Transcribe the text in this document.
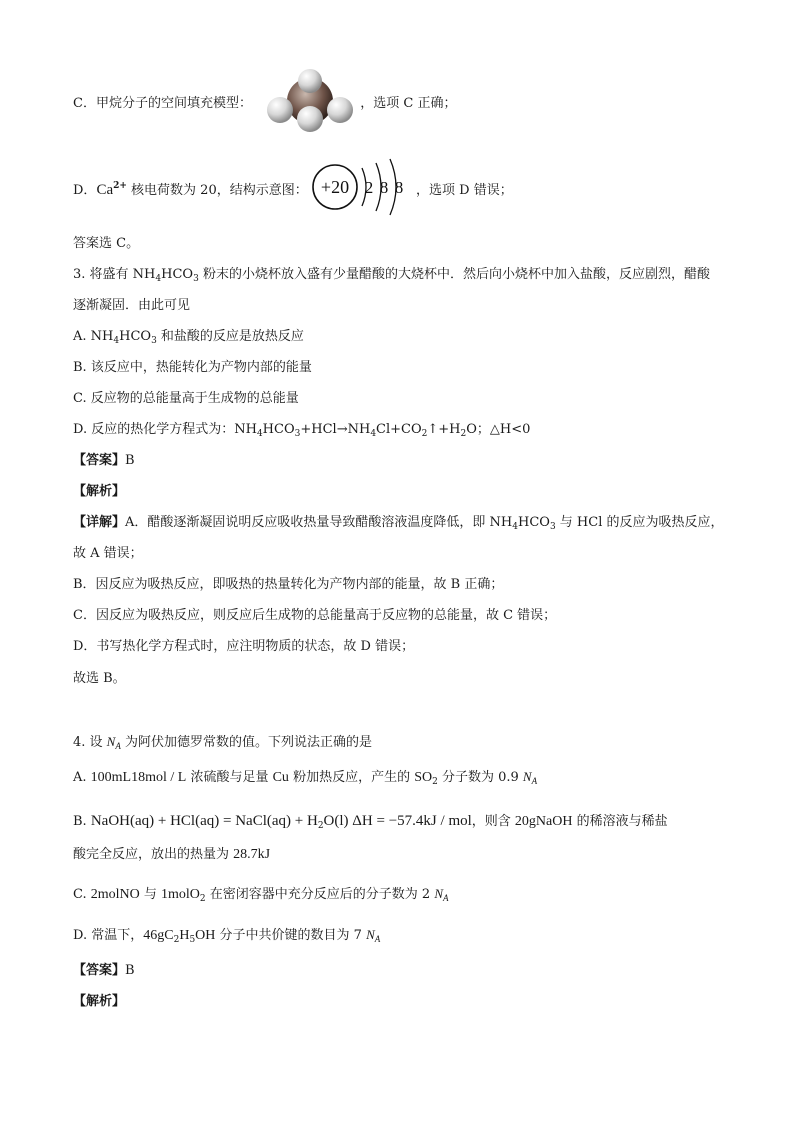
C．甲烷分子的空间填充模型：	，选项 C 正确；
D．$Ca^{2+}$ 核电荷数为 20，结构示意图：	，选项 D 错误；
+20 2 8 8
答案选 C。
3. 将盛有 $NH_4HCO_3$ 粉末的小烧杯放入盛有少量醋酸的大烧杯中．然后向小烧杯中加入盐酸，反应剧烈，醋酸
逐渐凝固．由此可见
A. $NH_4HCO_3$ 和盐酸的反应是放热反应
B. 该反应中，热能转化为产物内部的能量
C. 反应物的总能量高于生成物的总能量
D. 反应的热化学方程式为：$NH_4HCO_3+HCl\to NH_4Cl+CO_2↑+H_2O$；△H<0
【答案】B
【解析】
【详解】A．醋酸逐渐凝固说明反应吸收热量导致醋酸溶液温度降低，即 $NH_4HCO_3$ 与 HCl 的反应为吸热反应，
故 A 错误；
B．因反应为吸热反应，即吸热的热量转化为产物内部的能量，故 B 正确；
C．因反应为吸热反应，则反应后生成物的总能量高于反应物的总能量，故 C 错误；
D．书写热化学方程式时，应注明物质的状态，故 D 错误；
故选 B。
4. 设 $N_A$ 为阿伏加德罗常数的值。下列说法正确的是
A. 100mL18mol / L 浓硫酸与足量 Cu 粉加热反应，产生的 $SO_2$ 分子数为 0.9 $N_A$
B. NaOH(aq) + HCl(aq) = NaCl(aq) + $H_2O(l) \Delta H = -57.4kJ$ / mol，则含 20gNaOH 的稀溶液与稀盐
酸完全反应，放出的热量为 28.7kJ
C. 2molNO 与 1molO$_2$ 在密闭容器中充分反应后的分子数为 2 $N_A$
D. 常温下，$46gC_2H_5OH$ 分子中共价键的数目为 7 $N_A$
【答案】B
【解析】
